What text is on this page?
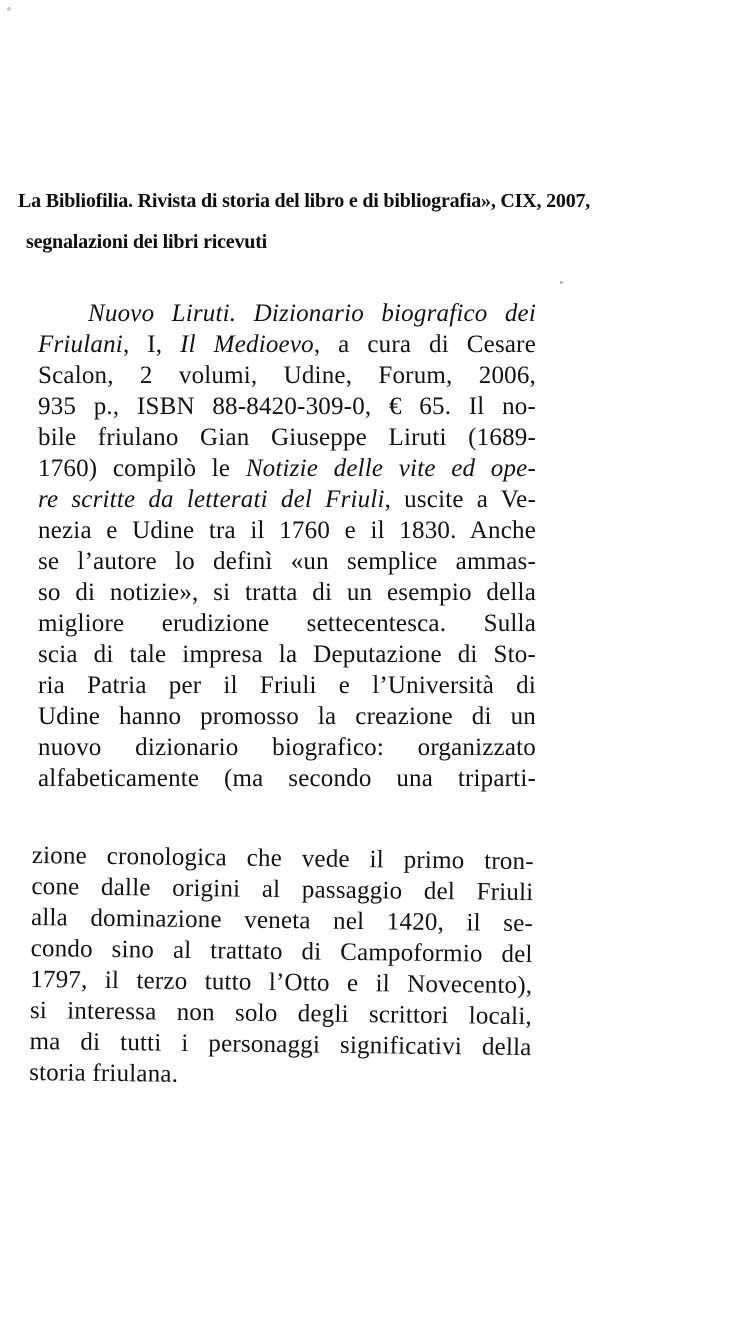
La Bibliofilia. Rivista di storia del libro e di bibliografia», CIX, 2007,
segnalazioni dei libri ricevuti
Nuovo Liruti. Dizionario biografico dei
Friulani, I, Il Medioevo, a cura di Cesare
Scalon, 2 volumi, Udine, Forum, 2006,
935 p., ISBN 88-8420-309-0, € 65. Il no-
bile friulano Gian Giuseppe Liruti (1689-
1760) compilò le Notizie delle vite ed ope-
re scritte da letterati del Friuli, uscite a Ve-
nezia e Udine tra il 1760 e il 1830. Anche
se l’autore lo definì «un semplice ammas-
so di notizie», si tratta di un esempio della
migliore erudizione settecentesca. Sulla
scia di tale impresa la Deputazione di Sto-
ria Patria per il Friuli e l’Università di
Udine hanno promosso la creazione di un
nuovo dizionario biografico: organizzato
alfabeticamente (ma secondo una triparti-
zione cronologica che vede il primo tron-
cone dalle origini al passaggio del Friuli
alla dominazione veneta nel 1420, il se-
condo sino al trattato di Campoformio del
1797, il terzo tutto l’Otto e il Novecento),
si interessa non solo degli scrittori locali,
ma di tutti i personaggi significativi della
storia friulana.
